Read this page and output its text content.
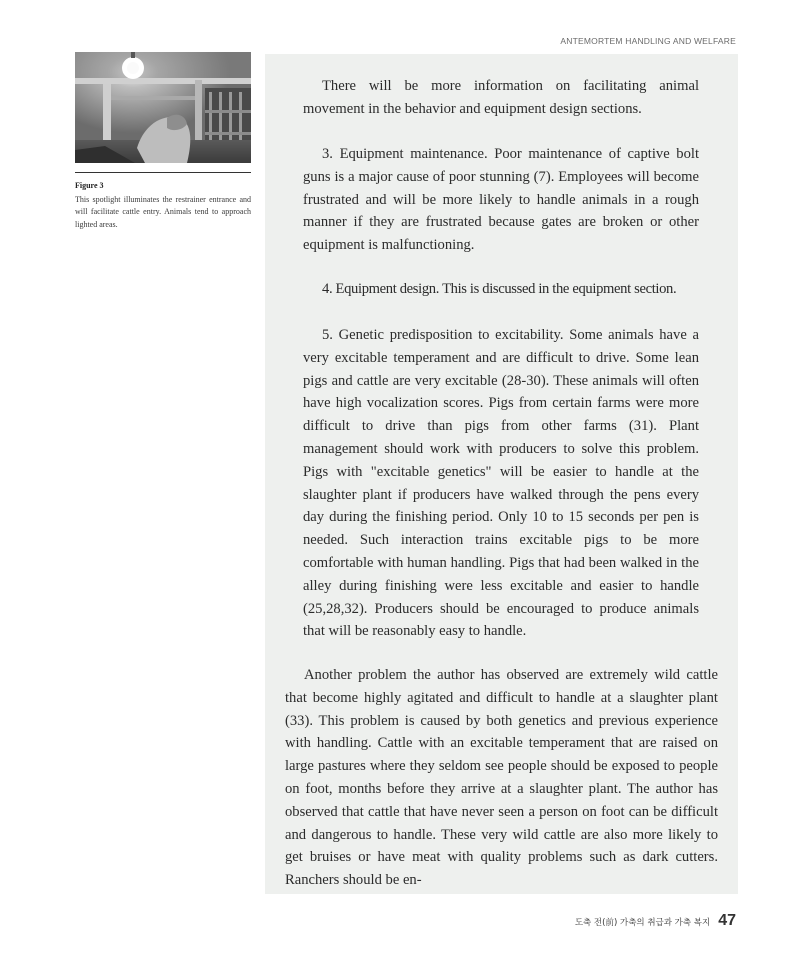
ANTEMORTEM HANDLING AND WELFARE
Figure 3
This spotlight illuminates the restrainer entrance and will facilitate cattle entry. Animals tend to approach lighted areas.

There will be more information on facilitating animal movement in the behavior and equipment design sections.

3. Equipment maintenance. Poor maintenance of captive bolt guns is a major cause of poor stunning (7). Employees will become frustrated and will be more likely to handle animals in a rough manner if they are frustrated because gates are broken or other equipment is malfunctioning.

4. Equipment design. This is discussed in the equipment section.

5. Genetic predisposition to excitability. Some animals have a very excitable temperament and are difficult to drive. Some lean pigs and cattle are very excitable (28-30). These animals will often have high vocalization scores. Pigs from certain farms were more difficult to drive than pigs from other farms (31). Plant management should work with producers to solve this problem. Pigs with "excitable genetics" will be easier to handle at the slaughter plant if producers have walked through the pens every day during the finishing period. Only 10 to 15 seconds per pen is needed. Such interaction trains excitable pigs to be more comfortable with human handling. Pigs that had been walked in the alley during finishing were less excitable and easier to handle (25,28,32). Producers should be encouraged to produce animals that will be reasonably easy to handle.

Another problem the author has observed are extremely wild cattle that become highly agitated and difficult to handle at a slaughter plant (33). This problem is caused by both genetics and previous experience with handling. Cattle with an excitable temperament that are raised on large pastures where they seldom see people should be exposed to people on foot, months before they arrive at a slaughter plant. The author has observed that cattle that have never seen a person on foot can be difficult and dangerous to handle. These very wild cattle are also more likely to get bruises or have meat with quality problems such as dark cutters. Ranchers should be en-

도축 전(前) 가축의 취급과 가축 복지 47
